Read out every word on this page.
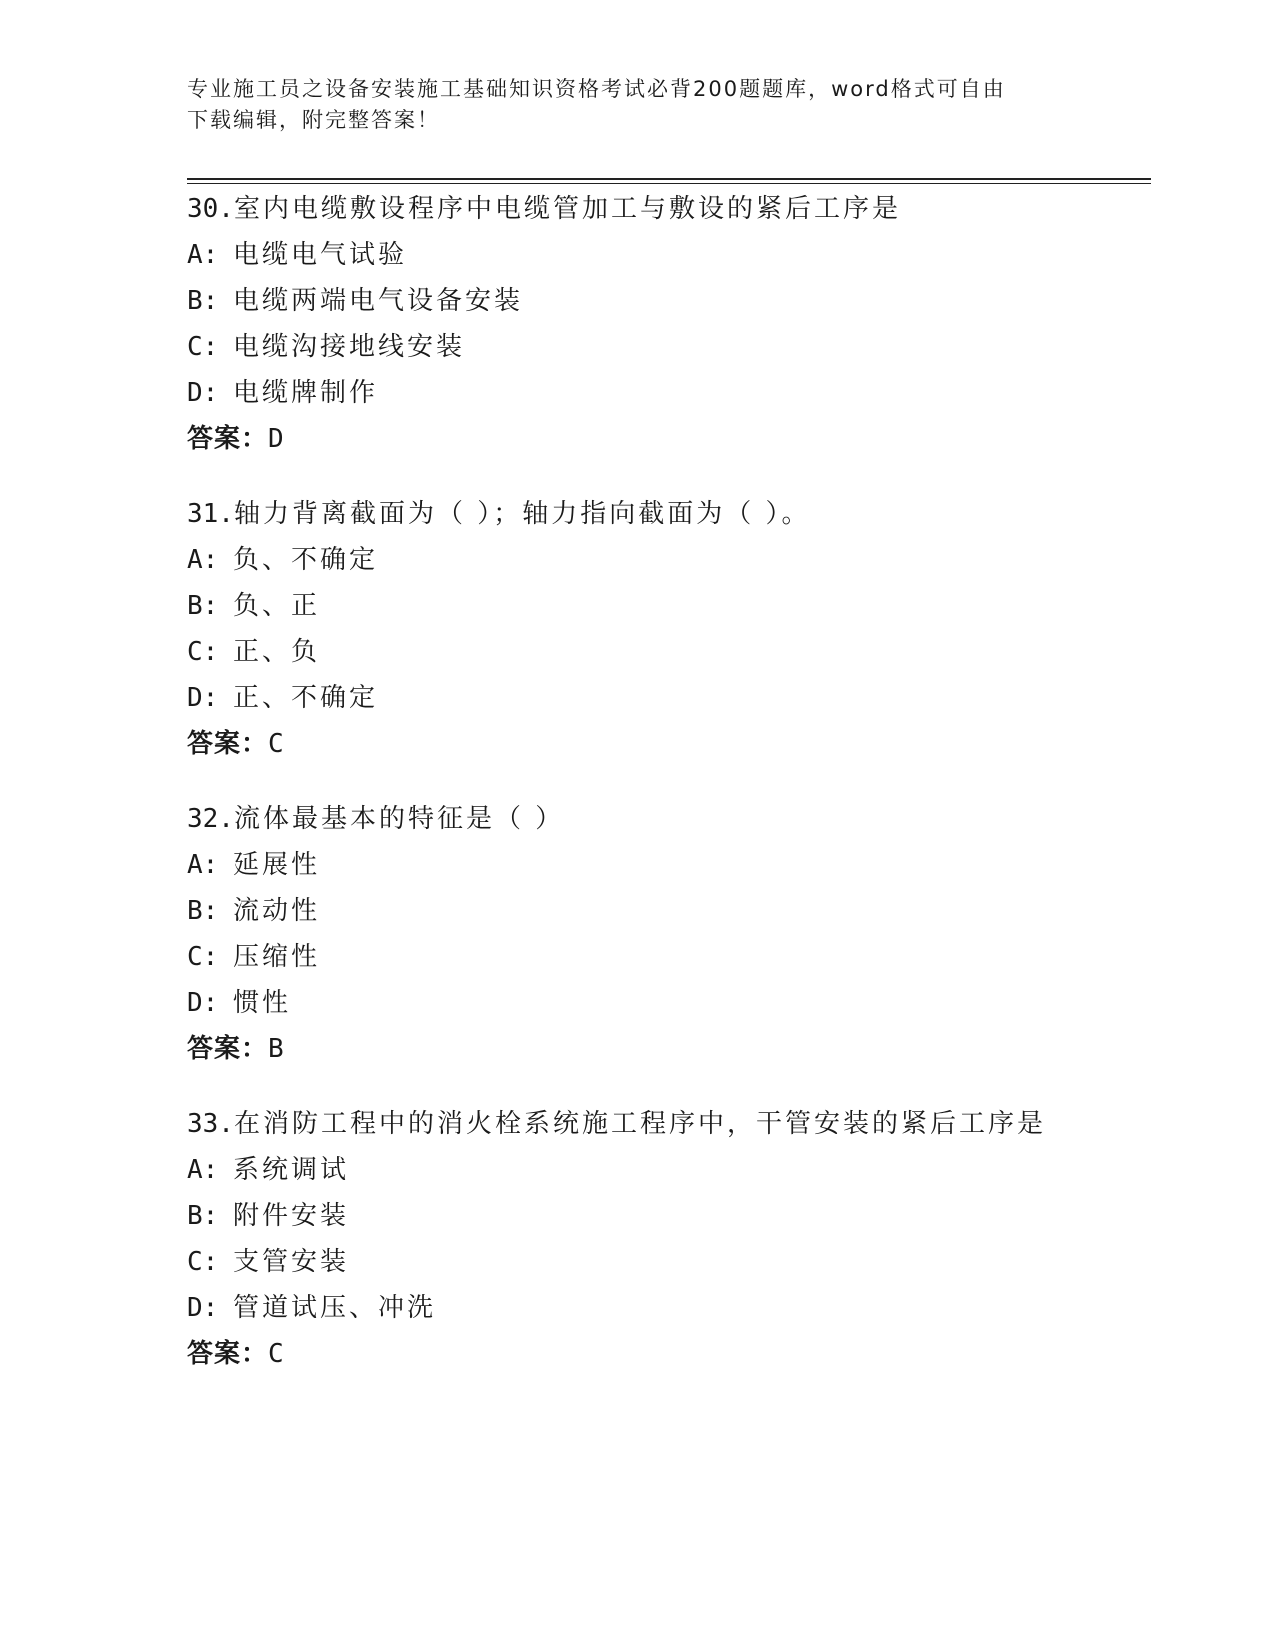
专业施工员之设备安装施工基础知识资格考试必背200题题库，word格式可自由
下载编辑，附完整答案！
30.室内电缆敷设程序中电缆管加工与敷设的紧后工序是
A: 电缆电气试验
B: 电缆两端电气设备安装
C: 电缆沟接地线安装
D: 电缆牌制作
答案：D
31.轴力背离截面为（ ）；轴力指向截面为（ ）。
A: 负、不确定
B: 负、正
C: 正、负
D: 正、不确定
答案：C
32.流体最基本的特征是（ ）
A: 延展性
B: 流动性
C: 压缩性
D: 惯性
答案：B
33.在消防工程中的消火栓系统施工程序中，干管安装的紧后工序是
A: 系统调试
B: 附件安装
C: 支管安装
D: 管道试压、冲洗
答案：C
